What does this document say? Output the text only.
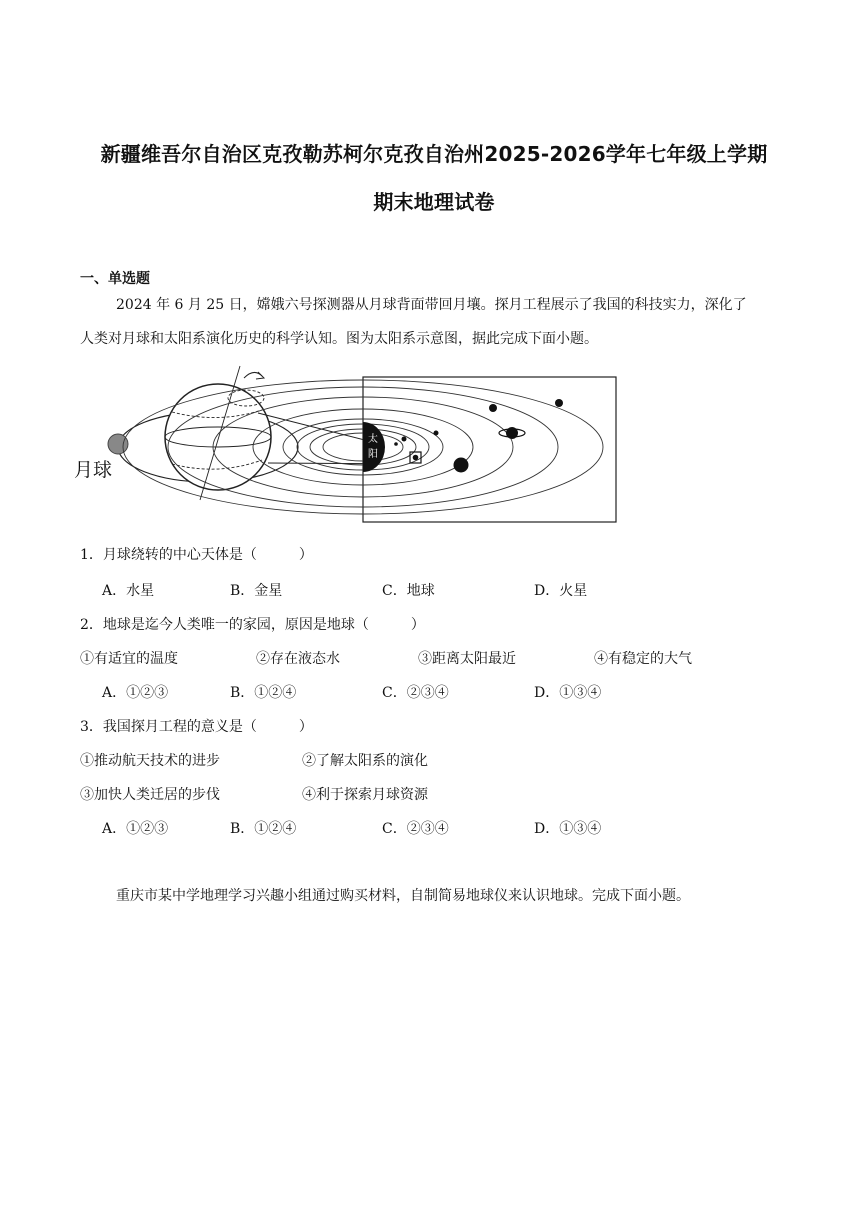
新疆维吾尔自治区克孜勒苏柯尔克孜自治州2025-2026学年七年级上学期
期末地理试卷
一、单选题
2024 年 6 月 25 日，嫦娥六号探测器从月球背面带回月壤。探月工程展示了我国的科技实力，深化了
人类对月球和太阳系演化历史的科学认知。图为太阳系示意图，据此完成下面小题。
月球
太
阳
1．月球绕转的中心天体是（　　　）
A．水星	B．金星	C．地球	D．火星
2．地球是迄今人类唯一的家园，原因是地球（　　　）
①有适宜的温度	②存在液态水	③距离太阳最近	④有稳定的大气
A．①②③	B．①②④	C．②③④	D．①③④
3．我国探月工程的意义是（　　　）
①推动航天技术的进步	②了解太阳系的演化
③加快人类迁居的步伐	④利于探索月球资源
A．①②③	B．①②④	C．②③④	D．①③④
重庆市某中学地理学习兴趣小组通过购买材料，自制简易地球仪来认识地球。完成下面小题。
